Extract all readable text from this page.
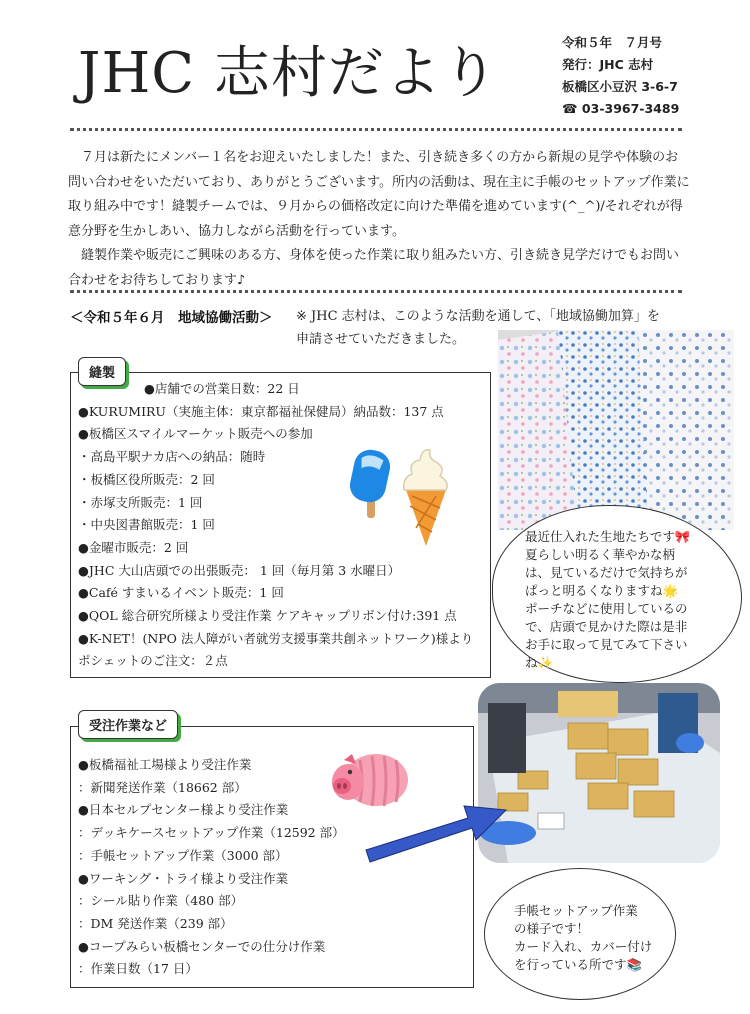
JHC 志村だより	令和５年　７月号
発行：JHC 志村
板橋区小豆沢 3-6-7
☎ 03-3967-3489

７月は新たにメンバー１名をお迎えいたしました！また、引き続き多くの方から新規の見学や体験のお問い合わせをいただいており、ありがとうございます。所内の活動は、現在主に手帳のセットアップ作業に取り組み中です！縫製チームでは、９月からの価格改定に向けた準備を進めています(^_^)/それぞれが得意分野を生かしあい、協力しながら活動を行っています。

縫製作業や販売にご興味のある方、身体を使った作業に取り組みたい方、引き続き見学だけでもお問い合わせをお待ちしております♪

＜令和５年６月　地域協働活動＞ ※ JHC 志村は、このような活動を通して、「地域協働加算」を
申請させていただきました。
縫製
●店舗での営業日数：22 日
●KURUMIRU（実施主体：東京都福祉保健局）納品数：137 点
●板橋区スマイルマーケット販売への参加
・高島平駅ナカ店への納品：随時
・板橋区役所販売：2 回
・赤塚支所販売：1 回
・中央図書館販売：1 回
●金曜市販売：2 回
●JHC 大山店頭での出張販売： 1 回（毎月第 3 水曜日）
●Café すまいるイベント販売：1 回
●QOL 総合研究所様より受注作業 ケアキャップリボン付け:391 点
●K-NET！(NPO 法人障がい者就労支援事業共創ネットワーク)様より
ポシェットのご注文：２点
最近仕入れた生地たちです🎀
夏らしい明るく華やかな柄
は、見ているだけで気持ちが
ぱっと明るくなりますね🌟
ポーチなどに使用しているの
で、店頭で見かけた際は是非
お手に取って見てみて下さい
ね✨
受注作業など
●板橋福祉工場様より受注作業
：新聞発送作業（18662 部）
●日本セルプセンター様より受注作業
：デッキケースセットアップ作業（12592 部）
：手帳セットアップ作業（3000 部）
●ワーキング・トライ様より受注作業
：シール貼り作業（480 部）
：DM 発送作業（239 部）
●コープみらい板橋センターでの仕分け作業
：作業日数（17 日）
手帳セットアップ作業
の様子です！
カード入れ、カバー付け
を行っている所です📚
